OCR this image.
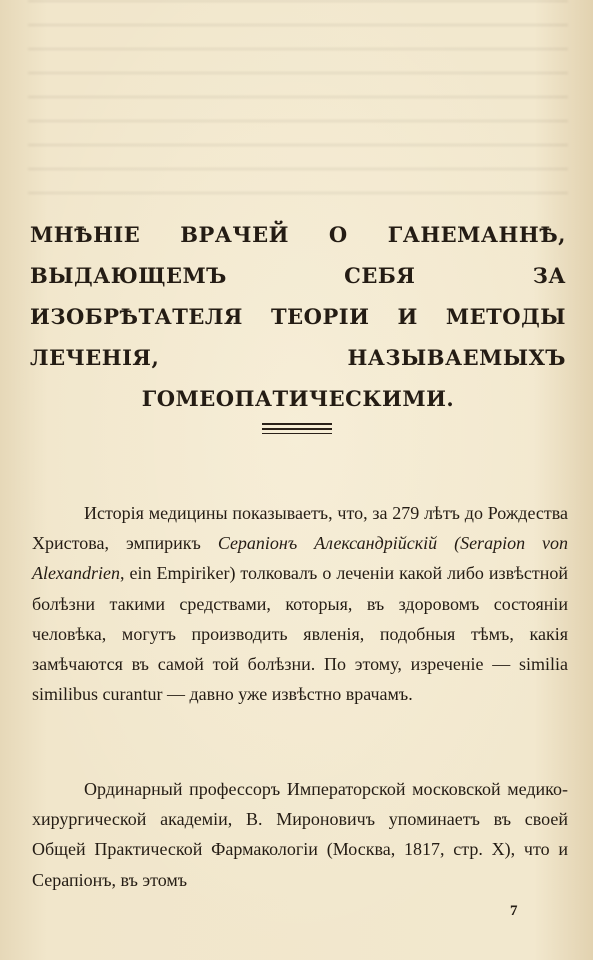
МНѢНІЕ ВРАЧЕЙ О ГАНЕМАННѢ, ВЫДАЮЩЕМЪ СЕБЯ ЗА ИЗОБРѢТАТЕЛЯ ТЕОРІИ И МЕТОДЫ ЛЕЧЕНІЯ, НАЗЫВАЕМЫХЪ ГОМЕОПАТИЧЕСКИМИ.

Исторія медицины показываетъ, что, за 279 лѣтъ до Рождества Христова, эмпирикъ Серапіонъ Александрійскій (Serapion von Alexandrien, ein Empiriker) толковалъ о леченіи какой либо извѣстной болѣзни такими средствами, которыя, въ здоровомъ состояніи человѣка, могутъ производить явленія, подобныя тѣмъ, какія замѣчаются въ самой той болѣзни. По этому, изреченіе — similia similibus curantur — давно уже извѣстно врачамъ.

Ординарный профессоръ Императорской московской медико-хирургической академіи, В. Мироновичъ упоминаетъ въ своей Общей Практической Фармакологіи (Москва, 1817, стр. X), что и Серапіонъ, въ этомъ

7
